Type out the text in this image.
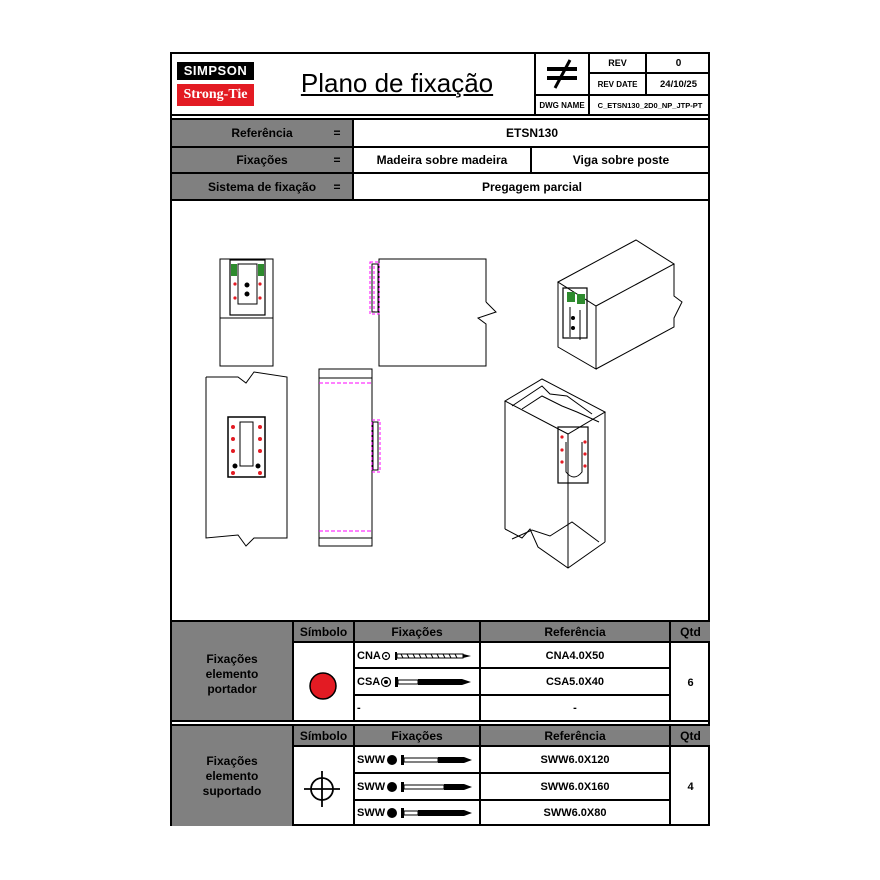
SIMPSON
Strong-Tie	Plano de fixação
REV	0
REV DATE	24/10/25
DWG NAME	C_ETSN130_2D0_NP_JTP-PT
Referência	=	ETSN130
Fixações	=	Madeira sobre madeira	Viga sobre poste
Sistema de fixação	=	Pregagem parcial
Símbolo	Fixações	Referência	Qtd
Fixações elemento portador
CNA	CNA4.0X50
CSA	CSA5.0X40
-	-
6
Símbolo	Fixações	Referência	Qtd
Fixações elemento suportado
SWW	SWW6.0X120
SWW	SWW6.0X160
SWW	SWW6.0X80
4
